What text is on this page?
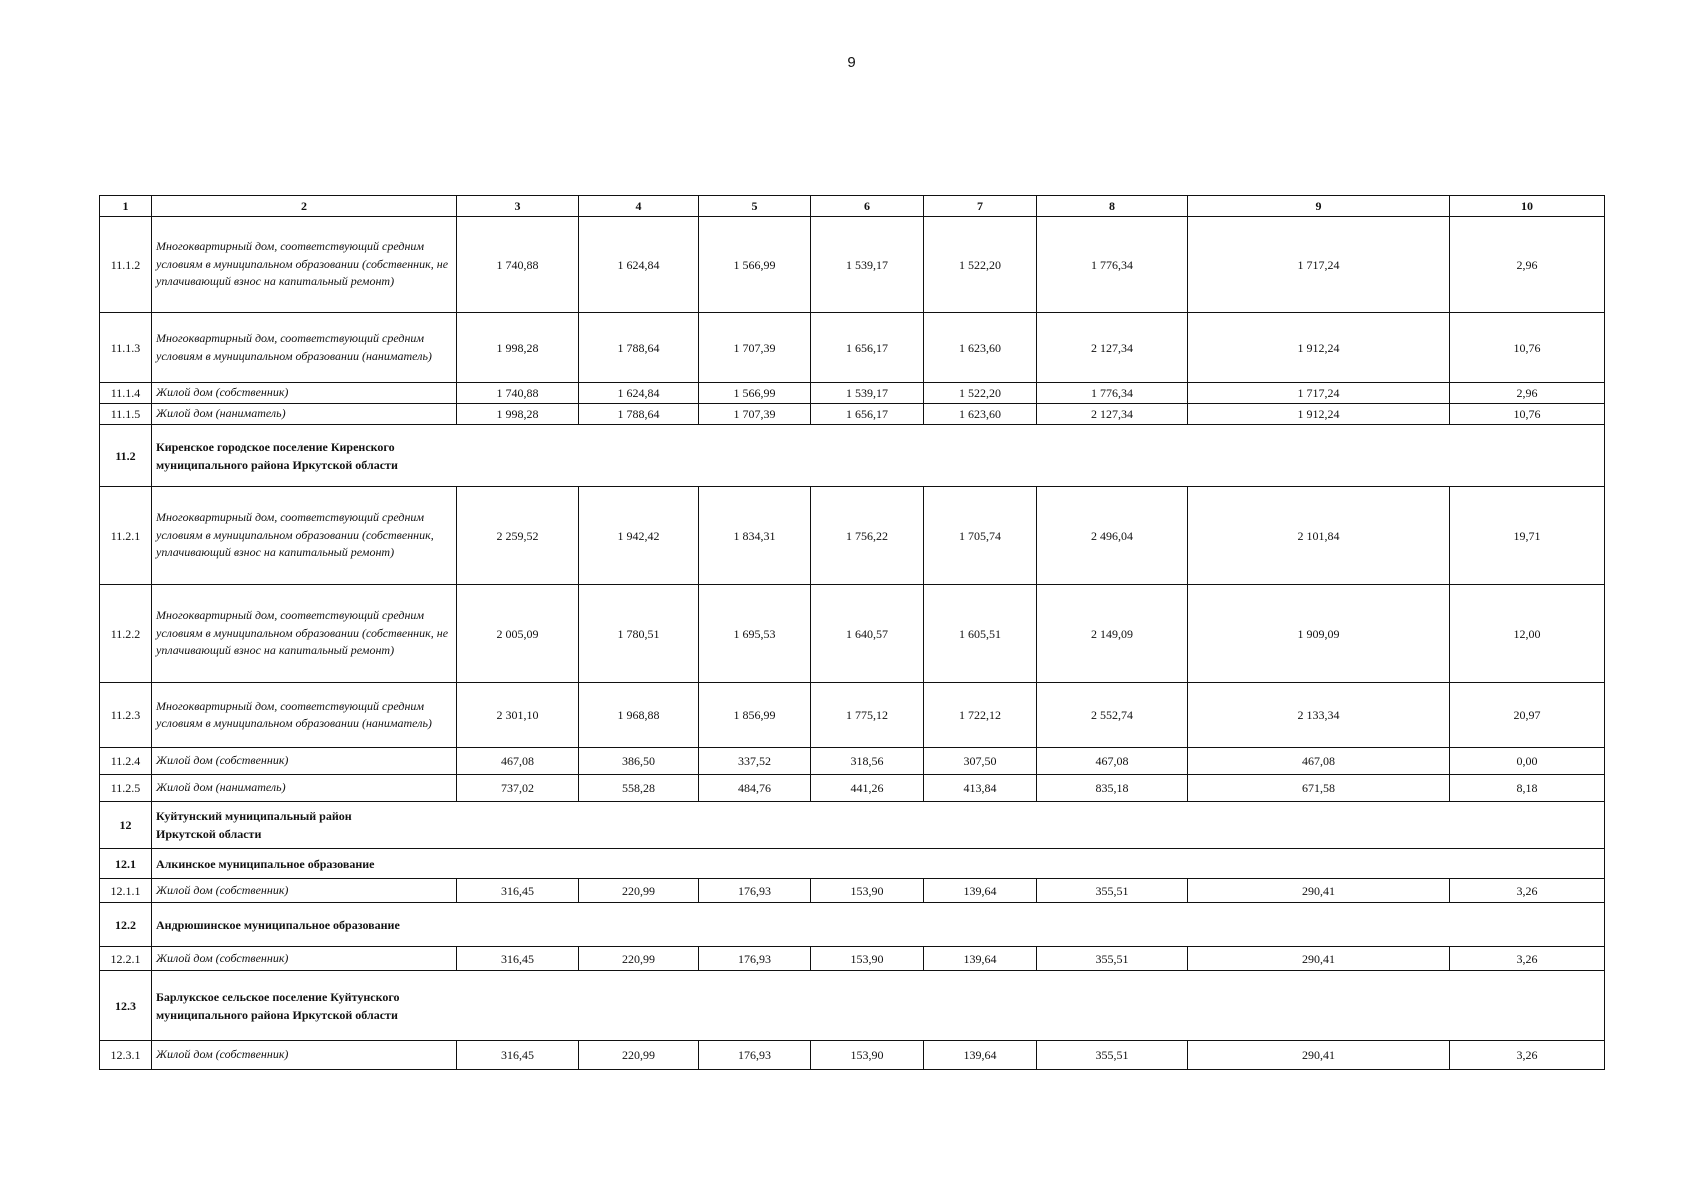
9
1	2	3	4	5	6	7	8	9	10
11.1.2	Многоквартирный дом, соответствующий средним условиям в муниципальном образовании (собственник, не уплачивающий взнос на капитальный ремонт)	1 740,88	1 624,84	1 566,99	1 539,17	1 522,20	1 776,34	1 717,24	2,96
11.1.3	Многоквартирный дом, соответствующий средним условиям в муниципальном образовании (наниматель)	1 998,28	1 788,64	1 707,39	1 656,17	1 623,60	2 127,34	1 912,24	10,76
11.1.4	Жилой дом (собственник)	1 740,88	1 624,84	1 566,99	1 539,17	1 522,20	1 776,34	1 717,24	2,96
11.1.5	Жилой дом (наниматель)	1 998,28	1 788,64	1 707,39	1 656,17	1 623,60	2 127,34	1 912,24	10,76
11.2	Киренское городское поселение Киренского муниципального района Иркутской области								
11.2.1	Многоквартирный дом, соответствующий средним условиям в муниципальном образовании (собственник, уплачивающий взнос на капитальный ремонт)	2 259,52	1 942,42	1 834,31	1 756,22	1 705,74	2 496,04	2 101,84	19,71
11.2.2	Многоквартирный дом, соответствующий средним условиям в муниципальном образовании (собственник, не уплачивающий взнос на капитальный ремонт)	2 005,09	1 780,51	1 695,53	1 640,57	1 605,51	2 149,09	1 909,09	12,00
11.2.3	Многоквартирный дом, соответствующий средним условиям в муниципальном образовании (наниматель)	2 301,10	1 968,88	1 856,99	1 775,12	1 722,12	2 552,74	2 133,34	20,97
11.2.4	Жилой дом (собственник)	467,08	386,50	337,52	318,56	307,50	467,08	467,08	0,00
11.2.5	Жилой дом (наниматель)	737,02	558,28	484,76	441,26	413,84	835,18	671,58	8,18
12	Куйтунский муниципальный район Иркутской области								
12.1	Алкинское муниципальное образование								
12.1.1	Жилой дом (собственник)	316,45	220,99	176,93	153,90	139,64	355,51	290,41	3,26
12.2	Андрюшинское муниципальное образование								
12.2.1	Жилой дом (собственник)	316,45	220,99	176,93	153,90	139,64	355,51	290,41	3,26
12.3	Барлукское сельское поселение Куйтунского муниципального района Иркутской области								
12.3.1	Жилой дом (собственник)	316,45	220,99	176,93	153,90	139,64	355,51	290,41	3,26
